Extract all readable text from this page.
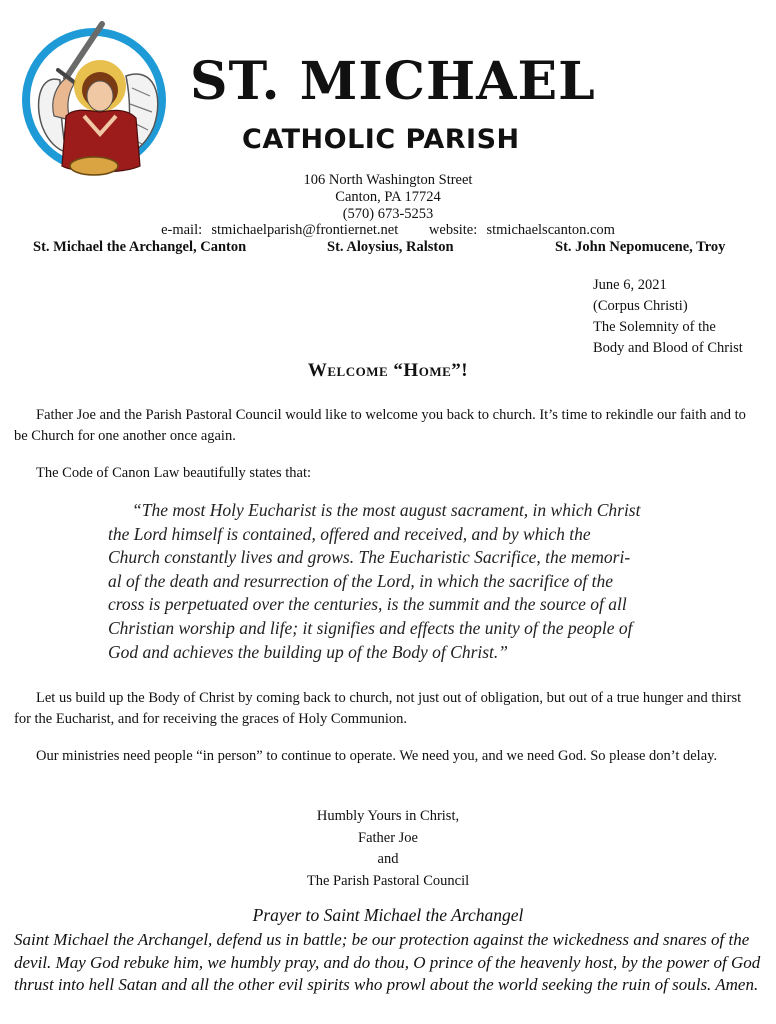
ST. MICHAEL
CATHOLIC PARISH
106 North Washington Street
Canton, PA 17724
(570) 673-5253
e-mail: stmichaelparish@frontiernet.net website: stmichaelscanton.com
St. Michael the Archangel, Canton	St. Aloysius, Ralston	St. John Nepomucene, Troy
June 6, 2021
(Corpus Christi)
The Solemnity of the
Body and Blood of Christ
Welcome “Home”!
Father Joe and the Parish Pastoral Council would like to welcome you back to church. It’s time to rekindle our faith and to be Church for one another once again.
The Code of Canon Law beautifully states that:
“The most Holy Eucharist is the most august sacrament, in which Christ
the Lord himself is contained, offered and received, and by which the
Church constantly lives and grows. The Eucharistic Sacrifice, the memori-
al of the death and resurrection of the Lord, in which the sacrifice of the
cross is perpetuated over the centuries, is the summit and the source of all
Christian worship and life; it signifies and effects the unity of the people of
God and achieves the building up of the Body of Christ.”
Let us build up the Body of Christ by coming back to church, not just out of obligation, but out of a true hunger and thirst for the Eucharist, and for receiving the graces of Holy Communion.
Our ministries need people “in person” to continue to operate. We need you, and we need God. So please don’t delay.
Humbly Yours in Christ,
Father Joe
and
The Parish Pastoral Council
Prayer to Saint Michael the Archangel
Saint Michael the Archangel, defend us in battle; be our protection against the wickedness and snares of the devil. May God rebuke him, we humbly pray, and do thou, O prince of the heavenly host, by the power of God thrust into hell Satan and all the other evil spirits who prowl about the world seeking the ruin of souls. Amen.
